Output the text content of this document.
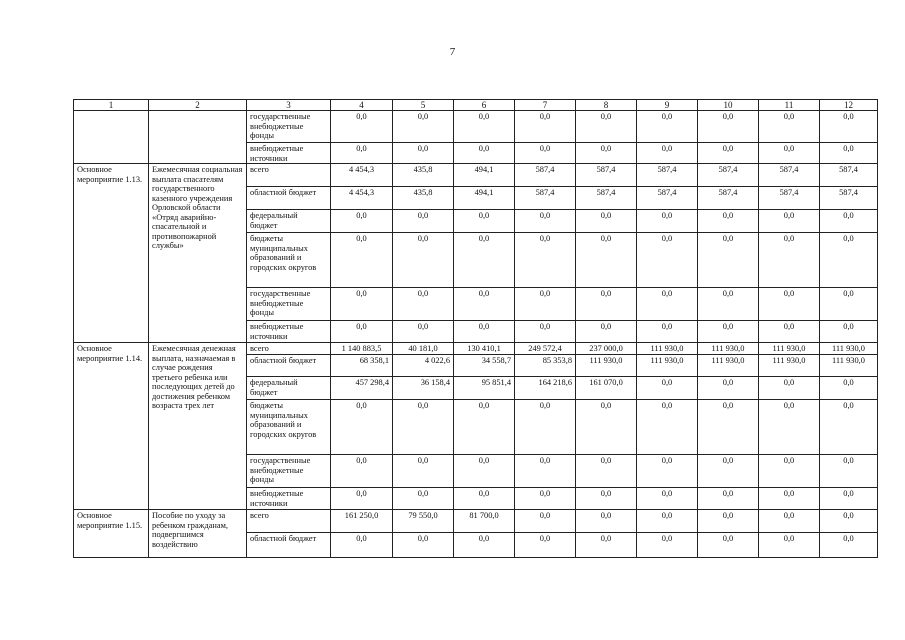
7
1	2	3	4	5	6	7	8	9	10	11	12
		государственные внебюджетные фонды	0,0	0,0	0,0	0,0	0,0	0,0	0,0	0,0	0,0
		внебюджетные источники	0,0	0,0	0,0	0,0	0,0	0,0	0,0	0,0	0,0
Основное мероприятие 1.13.	Ежемесячная социальная выплата спасателям государственного казенного учреждения Орловской области «Отряд аварийно-спасательной и противопожарной службы»	всего	4 454,3	435,8	494,1	587,4	587,4	587,4	587,4	587,4	587,4
		областной бюджет	4 454,3	435,8	494,1	587,4	587,4	587,4	587,4	587,4	587,4
		федеральный бюджет	0,0	0,0	0,0	0,0	0,0	0,0	0,0	0,0	0,0
		бюджеты муниципальных образований и городских округов	0,0	0,0	0,0	0,0	0,0	0,0	0,0	0,0	0,0
		государственные внебюджетные фонды	0,0	0,0	0,0	0,0	0,0	0,0	0,0	0,0	0,0
		внебюджетные источники	0,0	0,0	0,0	0,0	0,0	0,0	0,0	0,0	0,0
Основное мероприятие 1.14.	Ежемесячная денежная выплата, назначаемая в случае рождения третьего ребенка или последующих детей до достижения ребенком возраста трех лет	всего	1 140 883,5	40 181,0	130 410,1	249 572,4	237 000,0	111 930,0	111 930,0	111 930,0	111 930,0
		областной бюджет	68 358,1	4 022,6	34 558,7	85 353,8	111 930,0	111 930,0	111 930,0	111 930,0	111 930,0
		федеральный бюджет	457 298,4	36 158,4	95 851,4	164 218,6	161 070,0	0,0	0,0	0,0	0,0
		бюджеты муниципальных образований и городских округов	0,0	0,0	0,0	0,0	0,0	0,0	0,0	0,0	0,0
		государственные внебюджетные фонды	0,0	0,0	0,0	0,0	0,0	0,0	0,0	0,0	0,0
		внебюджетные источники	0,0	0,0	0,0	0,0	0,0	0,0	0,0	0,0	0,0
Основное мероприятие 1.15.	Пособие по уходу за ребенком гражданам, подвергшимся воздействию	всего	161 250,0	79 550,0	81 700,0	0,0	0,0	0,0	0,0	0,0	0,0
		областной бюджет	0,0	0,0	0,0	0,0	0,0	0,0	0,0	0,0	0,0
